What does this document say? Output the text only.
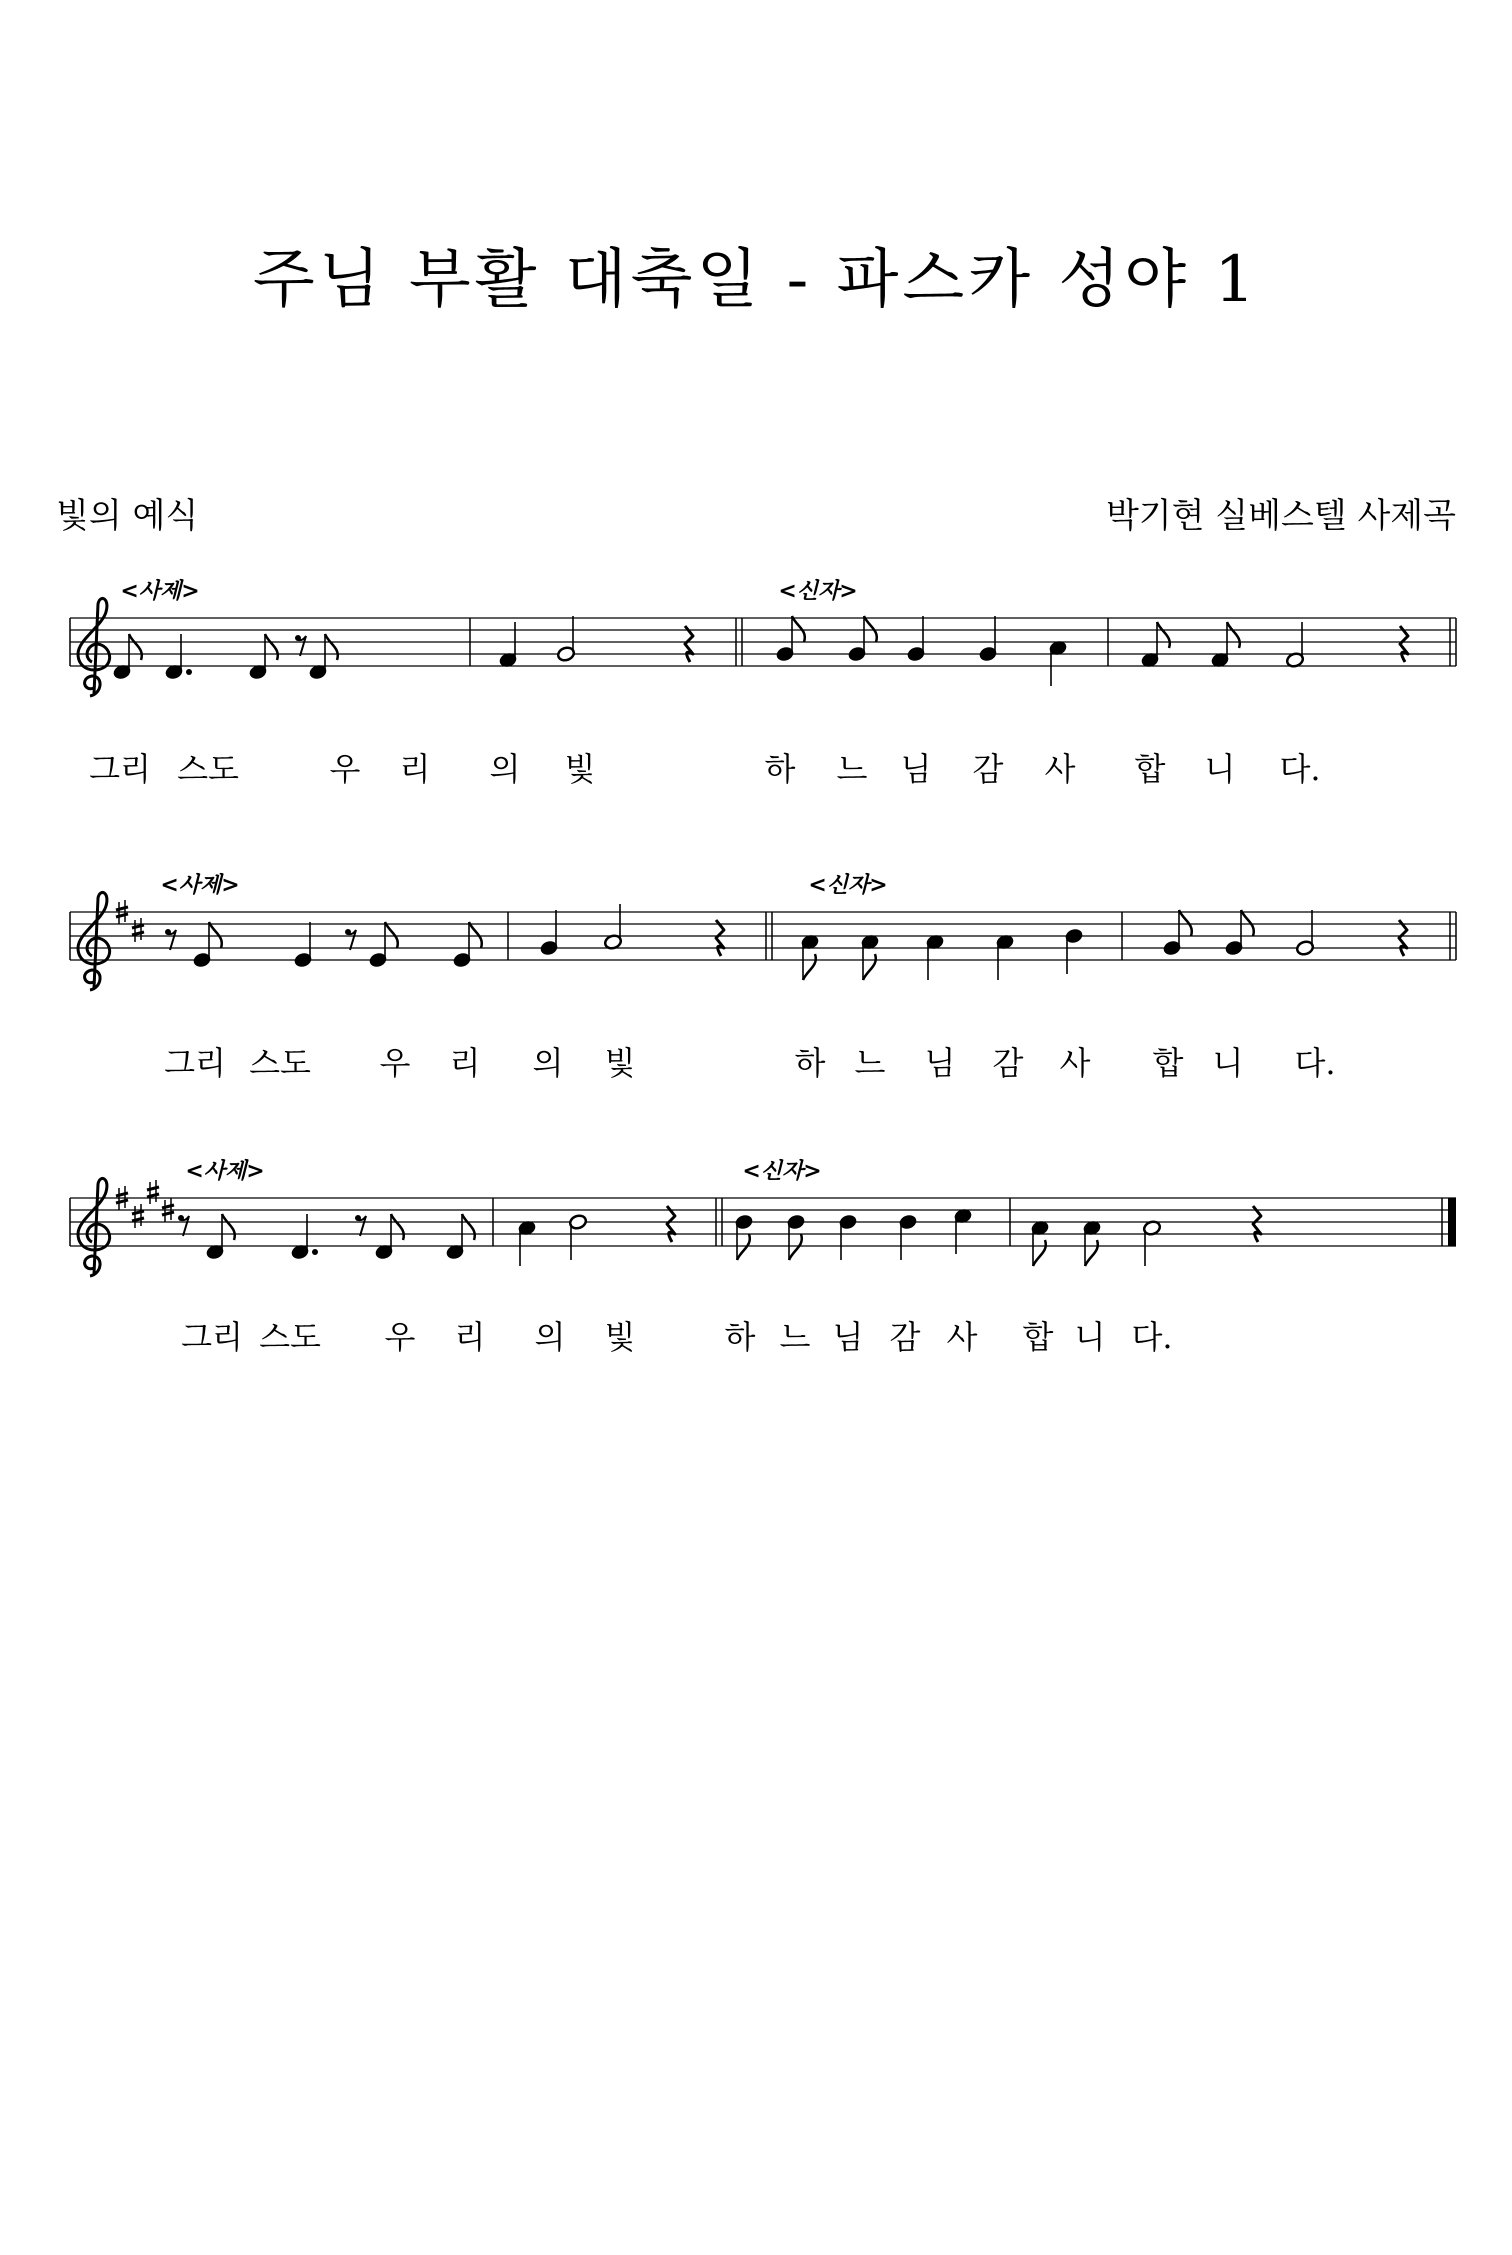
주님 부활 대축일 - 파스카 성야 1
빛의 예식	박기현 실베스텔 사제곡
<사제>	<신자>
그리 스도	우 리 의 빛	하 느 님 감 사 합 니 다.
<사제>	<신자>
그리 스도 우 리 의 빛	하 느 님 감 사 합 니 다.
<사제>	<신자>
그리 스도 우 리 의 빛	하 느 님 감 사 합 니 다.
